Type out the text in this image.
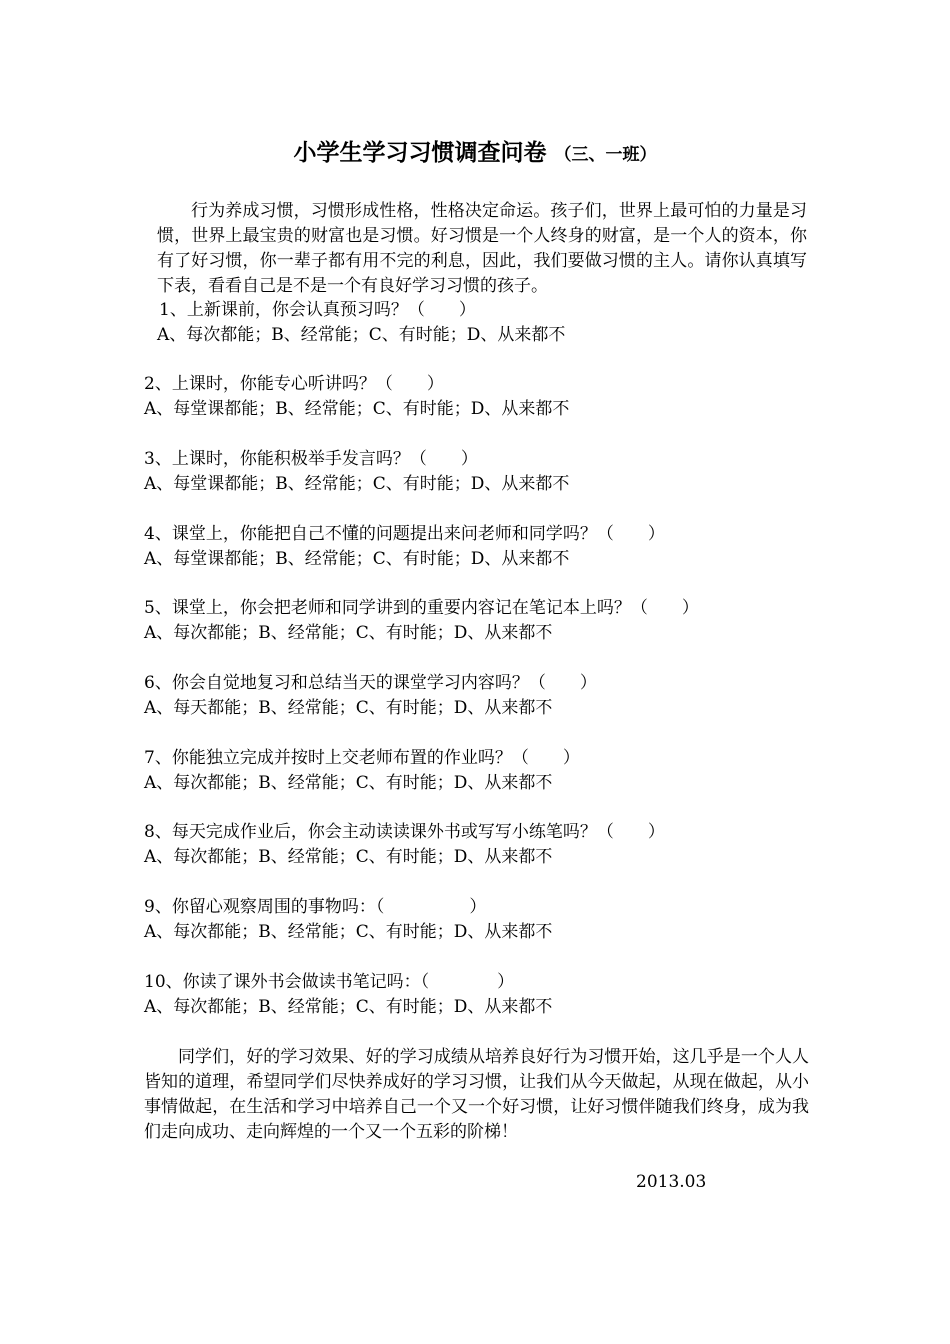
小学生学习习惯调查问卷 （三、一班）
行为养成习惯，习惯形成性格，性格决定命运。孩子们，世界上最可怕的力量是习惯，世界上最宝贵的财富也是习惯。好习惯是一个人终身的财富，是一个人的资本，你有了好习惯，你一辈子都有用不完的利息，因此，我们要做习惯的主人。请你认真填写下表，看看自己是不是一个有良好学习习惯的孩子。
1、上新课前，你会认真预习吗？（　　）
A、每次都能；B、经常能；C、有时能；D、从来都不
2、上课时，你能专心听讲吗？（　　）
A、每堂课都能；B、经常能；C、有时能；D、从来都不
3、上课时，你能积极举手发言吗？（　　）
A、每堂课都能；B、经常能；C、有时能；D、从来都不
4、课堂上，你能把自己不懂的问题提出来问老师和同学吗？（　　）
A、每堂课都能；B、经常能；C、有时能；D、从来都不
5、课堂上，你会把老师和同学讲到的重要内容记在笔记本上吗？（　　）
A、每次都能；B、经常能；C、有时能；D、从来都不
6、你会自觉地复习和总结当天的课堂学习内容吗？（　　）
A、每天都能；B、经常能；C、有时能；D、从来都不
7、你能独立完成并按时上交老师布置的作业吗？（　　）
A、每次都能；B、经常能；C、有时能；D、从来都不
8、每天完成作业后，你会主动读读课外书或写写小练笔吗？（　　）
A、每次都能；B、经常能；C、有时能；D、从来都不
9、你留心观察周围的事物吗：（　　　　　）
A、每次都能；B、经常能；C、有时能；D、从来都不
10、你读了课外书会做读书笔记吗：（　　　　）
A、每次都能；B、经常能；C、有时能；D、从来都不
同学们，好的学习效果、好的学习成绩从培养良好行为习惯开始，这几乎是一个人人皆知的道理，希望同学们尽快养成好的学习习惯，让我们从今天做起，从现在做起，从小事情做起，在生活和学习中培养自己一个又一个好习惯，让好习惯伴随我们终身，成为我们走向成功、走向辉煌的一个又一个五彩的阶梯！
2013.03
